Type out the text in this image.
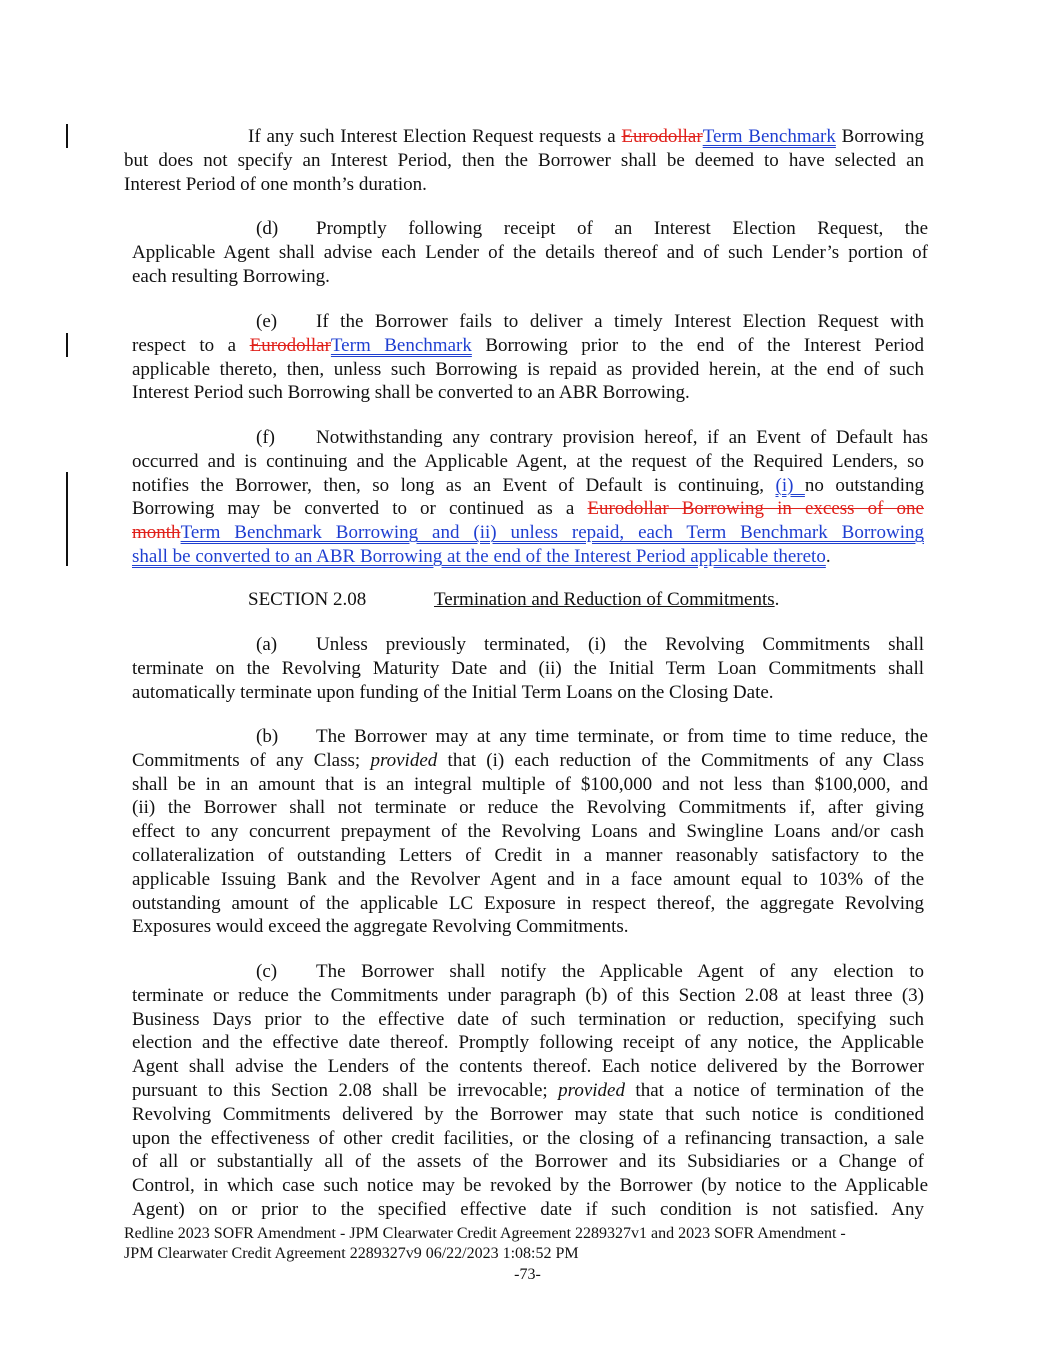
If any such Interest Election Request requests a EurodollarTerm Benchmark Borrowing
but does not specify an Interest Period, then the Borrower shall be deemed to have selected an
Interest Period of one month’s duration.
(d) Promptly following receipt of an Interest Election Request, the
Applicable Agent shall advise each Lender of the details thereof and of such Lender’s portion of
each resulting Borrowing.
(e) If the Borrower fails to deliver a timely Interest Election Request with
respect to a EurodollarTerm Benchmark Borrowing prior to the end of the Interest Period
applicable thereto, then, unless such Borrowing is repaid as provided herein, at the end of such
Interest Period such Borrowing shall be converted to an ABR Borrowing.
(f) Notwithstanding any contrary provision hereof, if an Event of Default has
occurred and is continuing and the Applicable Agent, at the request of the Required Lenders, so
notifies the Borrower, then, so long as an Event of Default is continuing, (i) no outstanding
Borrowing may be converted to or continued as a Eurodollar Borrowing in excess of one
monthTerm Benchmark Borrowing and (ii) unless repaid, each Term Benchmark Borrowing
shall be converted to an ABR Borrowing at the end of the Interest Period applicable thereto.
SECTION 2.08	Termination and Reduction of Commitments.
(a) Unless previously terminated, (i) the Revolving Commitments shall
terminate on the Revolving Maturity Date and (ii) the Initial Term Loan Commitments shall
automatically terminate upon funding of the Initial Term Loans on the Closing Date.
(b) The Borrower may at any time terminate, or from time to time reduce, the
Commitments of any Class; provided that (i) each reduction of the Commitments of any Class
shall be in an amount that is an integral multiple of $100,000 and not less than $100,000, and
(ii) the Borrower shall not terminate or reduce the Revolving Commitments if, after giving
effect to any concurrent prepayment of the Revolving Loans and Swingline Loans and/or cash
collateralization of outstanding Letters of Credit in a manner reasonably satisfactory to the
applicable Issuing Bank and the Revolver Agent and in a face amount equal to 103% of the
outstanding amount of the applicable LC Exposure in respect thereof, the aggregate Revolving
Exposures would exceed the aggregate Revolving Commitments.
(c) The Borrower shall notify the Applicable Agent of any election to
terminate or reduce the Commitments under paragraph (b) of this Section 2.08 at least three (3)
Business Days prior to the effective date of such termination or reduction, specifying such
election and the effective date thereof. Promptly following receipt of any notice, the Applicable
Agent shall advise the Lenders of the contents thereof. Each notice delivered by the Borrower
pursuant to this Section 2.08 shall be irrevocable; provided that a notice of termination of the
Revolving Commitments delivered by the Borrower may state that such notice is conditioned
upon the effectiveness of other credit facilities, or the closing of a refinancing transaction, a sale
of all or substantially all of the assets of the Borrower and its Subsidiaries or a Change of
Control, in which case such notice may be revoked by the Borrower (by notice to the Applicable
Agent) on or prior to the specified effective date if such condition is not satisfied. Any
Redline 2023 SOFR Amendment - JPM Clearwater Credit Agreement 2289327v1 and 2023 SOFR Amendment -
JPM Clearwater Credit Agreement 2289327v9 06/22/2023 1:08:52 PM
-73-
